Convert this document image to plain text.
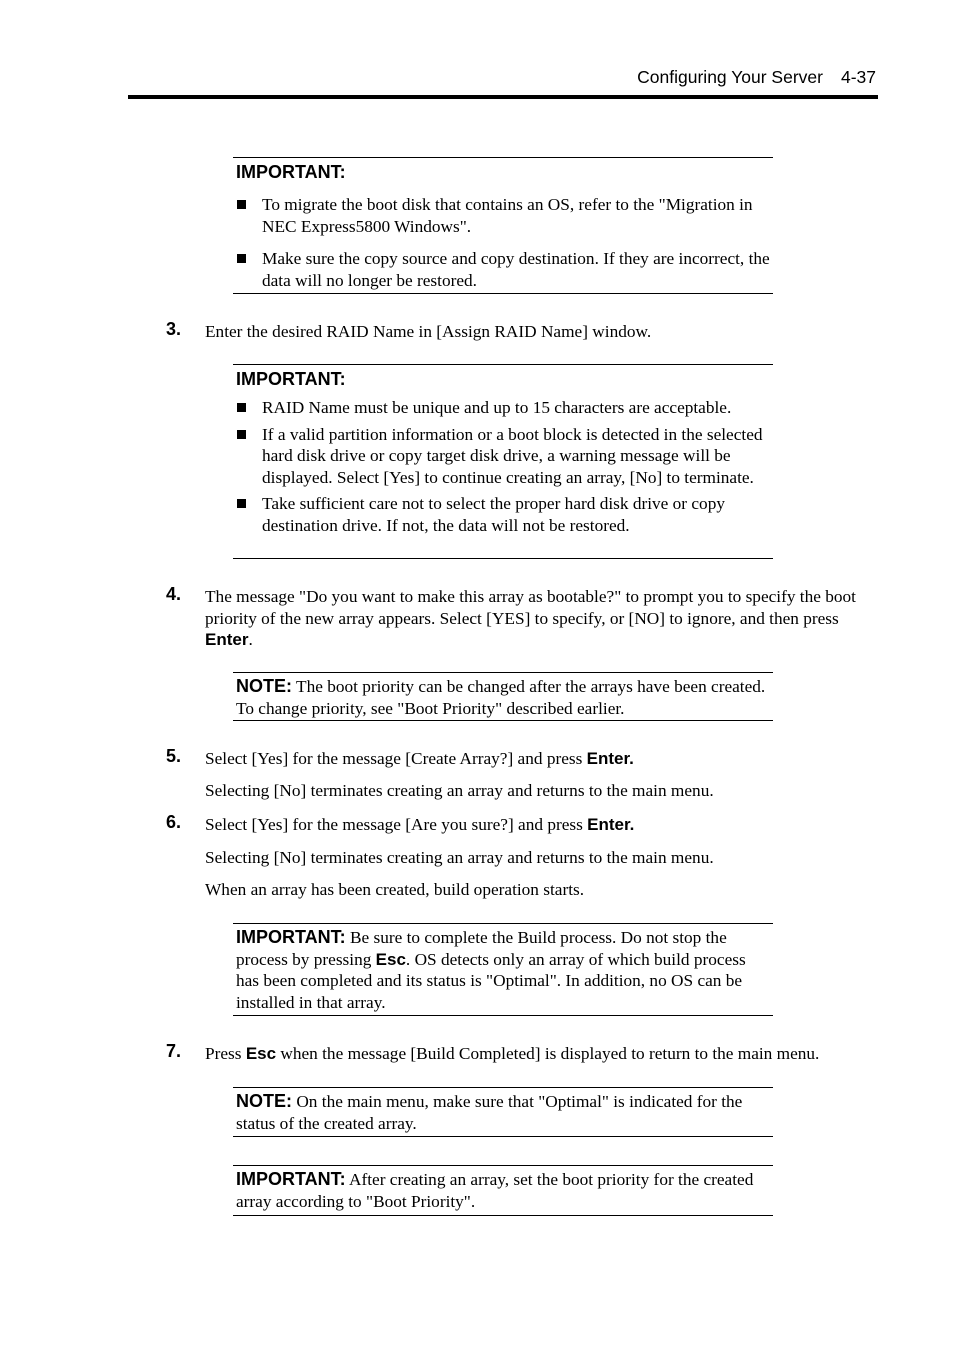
Configuring Your Server 4-37
IMPORTANT:
To migrate the boot disk that contains an OS, refer to the "Migration in NEC Express5800 Windows".
Make sure the copy source and copy destination. If they are incorrect, the data will no longer be restored.
3. Enter the desired RAID Name in [Assign RAID Name] window.
IMPORTANT:
RAID Name must be unique and up to 15 characters are acceptable.
If a valid partition information or a boot block is detected in the selected hard disk drive or copy target disk drive, a warning message will be displayed. Select [Yes] to continue creating an array, [No] to terminate.
Take sufficient care not to select the proper hard disk drive or copy destination drive. If not, the data will not be restored.
4. The message "Do you want to make this array as bootable?" to prompt you to specify the boot priority of the new array appears. Select [YES] to specify, or [NO] to ignore, and then press Enter.
NOTE: The boot priority can be changed after the arrays have been created. To change priority, see "Boot Priority" described earlier.
5. Select [Yes] for the message [Create Array?] and press Enter.
Selecting [No] terminates creating an array and returns to the main menu.
6. Select [Yes] for the message [Are you sure?] and press Enter.
Selecting [No] terminates creating an array and returns to the main menu.
When an array has been created, build operation starts.
IMPORTANT: Be sure to complete the Build process. Do not stop the process by pressing Esc. OS detects only an array of which build process has been completed and its status is "Optimal". In addition, no OS can be installed in that array.
7. Press Esc when the message [Build Completed] is displayed to return to the main menu.
NOTE: On the main menu, make sure that "Optimal" is indicated for the status of the created array.
IMPORTANT: After creating an array, set the boot priority for the created array according to "Boot Priority".
